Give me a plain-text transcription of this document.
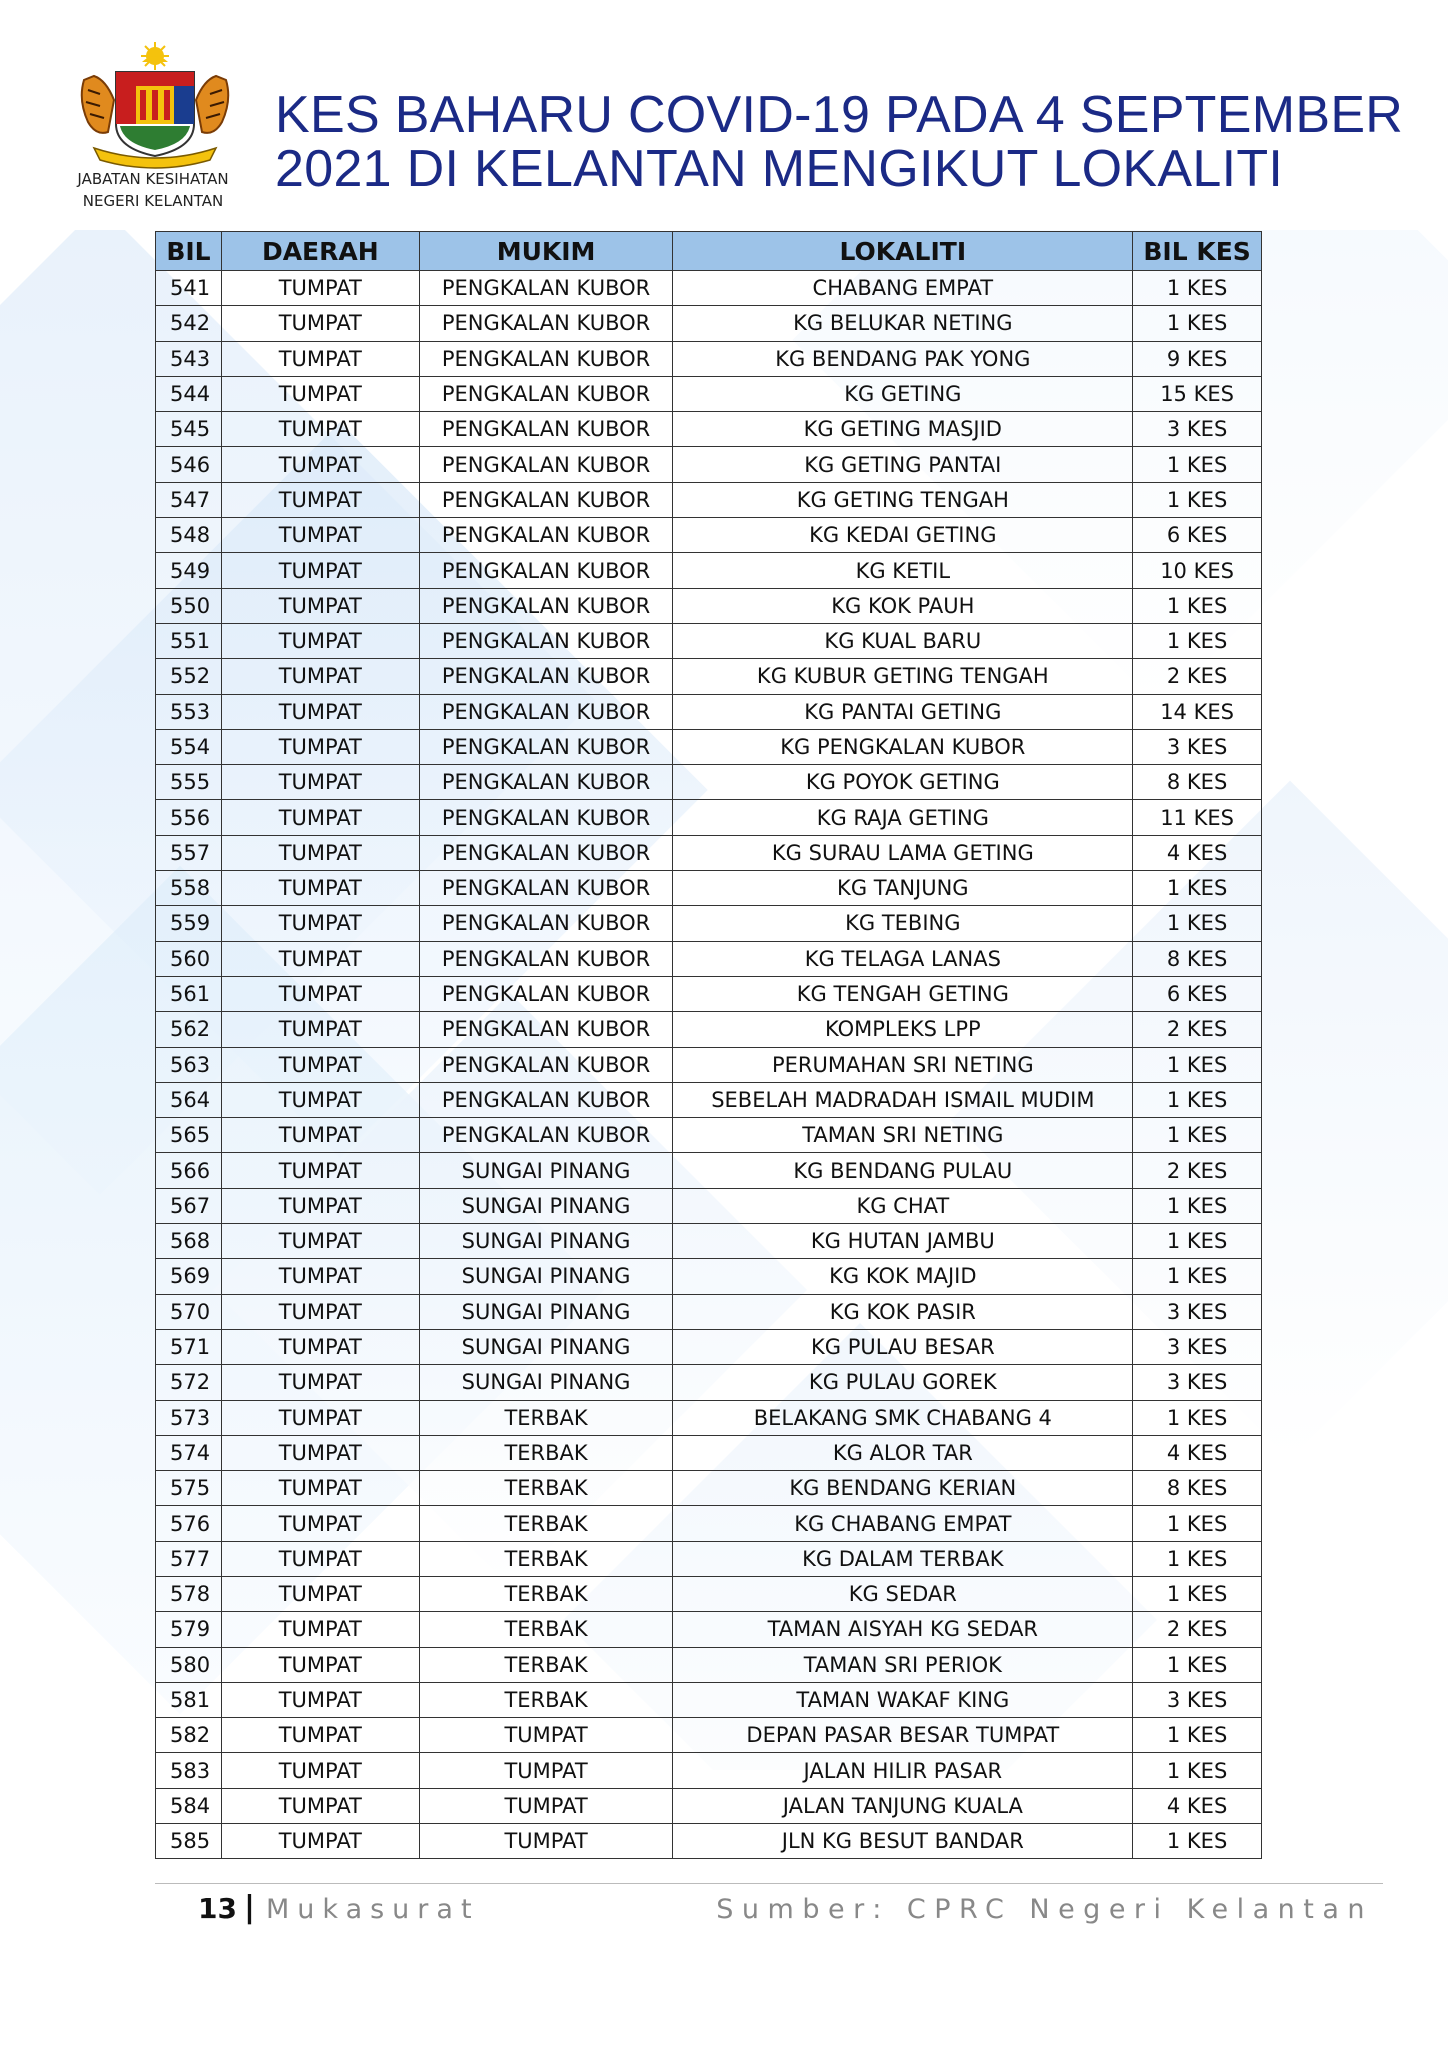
JABATAN KESIHATAN
NEGERI KELANTAN
KES BAHARU COVID-19 PADA 4 SEPTEMBER
2021 DI KELANTAN MENGIKUT LOKALITI
BIL	DAERAH	MUKIM	LOKALITI	BIL KES
541	TUMPAT	PENGKALAN KUBOR	CHABANG EMPAT	1 KES
542	TUMPAT	PENGKALAN KUBOR	KG BELUKAR NETING	1 KES
543	TUMPAT	PENGKALAN KUBOR	KG BENDANG PAK YONG	9 KES
544	TUMPAT	PENGKALAN KUBOR	KG GETING	15 KES
545	TUMPAT	PENGKALAN KUBOR	KG GETING MASJID	3 KES
546	TUMPAT	PENGKALAN KUBOR	KG GETING PANTAI	1 KES
547	TUMPAT	PENGKALAN KUBOR	KG GETING TENGAH	1 KES
548	TUMPAT	PENGKALAN KUBOR	KG KEDAI GETING	6 KES
549	TUMPAT	PENGKALAN KUBOR	KG KETIL	10 KES
550	TUMPAT	PENGKALAN KUBOR	KG KOK PAUH	1 KES
551	TUMPAT	PENGKALAN KUBOR	KG KUAL BARU	1 KES
552	TUMPAT	PENGKALAN KUBOR	KG KUBUR GETING TENGAH	2 KES
553	TUMPAT	PENGKALAN KUBOR	KG PANTAI GETING	14 KES
554	TUMPAT	PENGKALAN KUBOR	KG PENGKALAN KUBOR	3 KES
555	TUMPAT	PENGKALAN KUBOR	KG POYOK GETING	8 KES
556	TUMPAT	PENGKALAN KUBOR	KG RAJA GETING	11 KES
557	TUMPAT	PENGKALAN KUBOR	KG SURAU LAMA GETING	4 KES
558	TUMPAT	PENGKALAN KUBOR	KG TANJUNG	1 KES
559	TUMPAT	PENGKALAN KUBOR	KG TEBING	1 KES
560	TUMPAT	PENGKALAN KUBOR	KG TELAGA LANAS	8 KES
561	TUMPAT	PENGKALAN KUBOR	KG TENGAH GETING	6 KES
562	TUMPAT	PENGKALAN KUBOR	KOMPLEKS LPP	2 KES
563	TUMPAT	PENGKALAN KUBOR	PERUMAHAN SRI NETING	1 KES
564	TUMPAT	PENGKALAN KUBOR	SEBELAH MADRADAH ISMAIL MUDIM	1 KES
565	TUMPAT	PENGKALAN KUBOR	TAMAN SRI NETING	1 KES
566	TUMPAT	SUNGAI PINANG	KG BENDANG PULAU	2 KES
567	TUMPAT	SUNGAI PINANG	KG CHAT	1 KES
568	TUMPAT	SUNGAI PINANG	KG HUTAN JAMBU	1 KES
569	TUMPAT	SUNGAI PINANG	KG KOK MAJID	1 KES
570	TUMPAT	SUNGAI PINANG	KG KOK PASIR	3 KES
571	TUMPAT	SUNGAI PINANG	KG PULAU BESAR	3 KES
572	TUMPAT	SUNGAI PINANG	KG PULAU GOREK	3 KES
573	TUMPAT	TERBAK	BELAKANG SMK CHABANG 4	1 KES
574	TUMPAT	TERBAK	KG ALOR TAR	4 KES
575	TUMPAT	TERBAK	KG BENDANG KERIAN	8 KES
576	TUMPAT	TERBAK	KG CHABANG EMPAT	1 KES
577	TUMPAT	TERBAK	KG DALAM TERBAK	1 KES
578	TUMPAT	TERBAK	KG SEDAR	1 KES
579	TUMPAT	TERBAK	TAMAN AISYAH KG SEDAR	2 KES
580	TUMPAT	TERBAK	TAMAN SRI PERIOK	1 KES
581	TUMPAT	TERBAK	TAMAN WAKAF KING	3 KES
582	TUMPAT	TUMPAT	DEPAN PASAR BESAR TUMPAT	1 KES
583	TUMPAT	TUMPAT	JALAN HILIR PASAR	1 KES
584	TUMPAT	TUMPAT	JALAN TANJUNG KUALA	4 KES
585	TUMPAT	TUMPAT	JLN KG BESUT BANDAR	1 KES
13 | Mukasurat	Sumber: CPRC Negeri Kelantan
